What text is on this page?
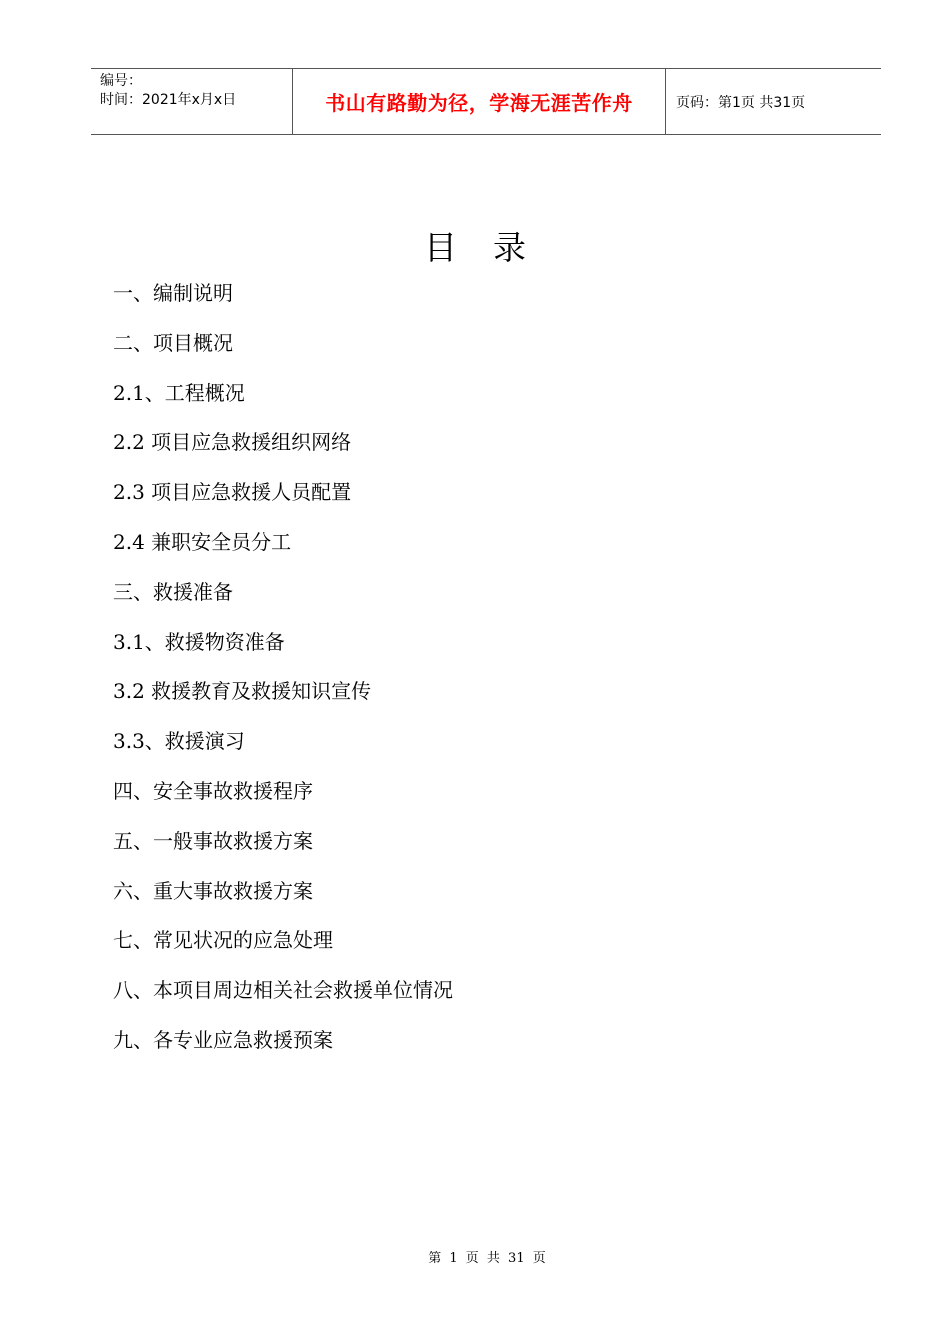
编号：
时间：2021年x月x日	书山有路勤为径，学海无涯苦作舟	页码：第1页 共31页
目录
一、编制说明
二、项目概况
2.1、工程概况
2.2 项目应急救援组织网络
2.3 项目应急救援人员配置
2.4 兼职安全员分工
三、救援准备
3.1、救援物资准备
3.2 救援教育及救援知识宣传
3.3、救援演习
四、安全事故救援程序
五、一般事故救援方案
六、重大事故救援方案
七、常见状况的应急处理
八、本项目周边相关社会救援单位情况
九、各专业应急救援预案
第 1 页 共 31 页
